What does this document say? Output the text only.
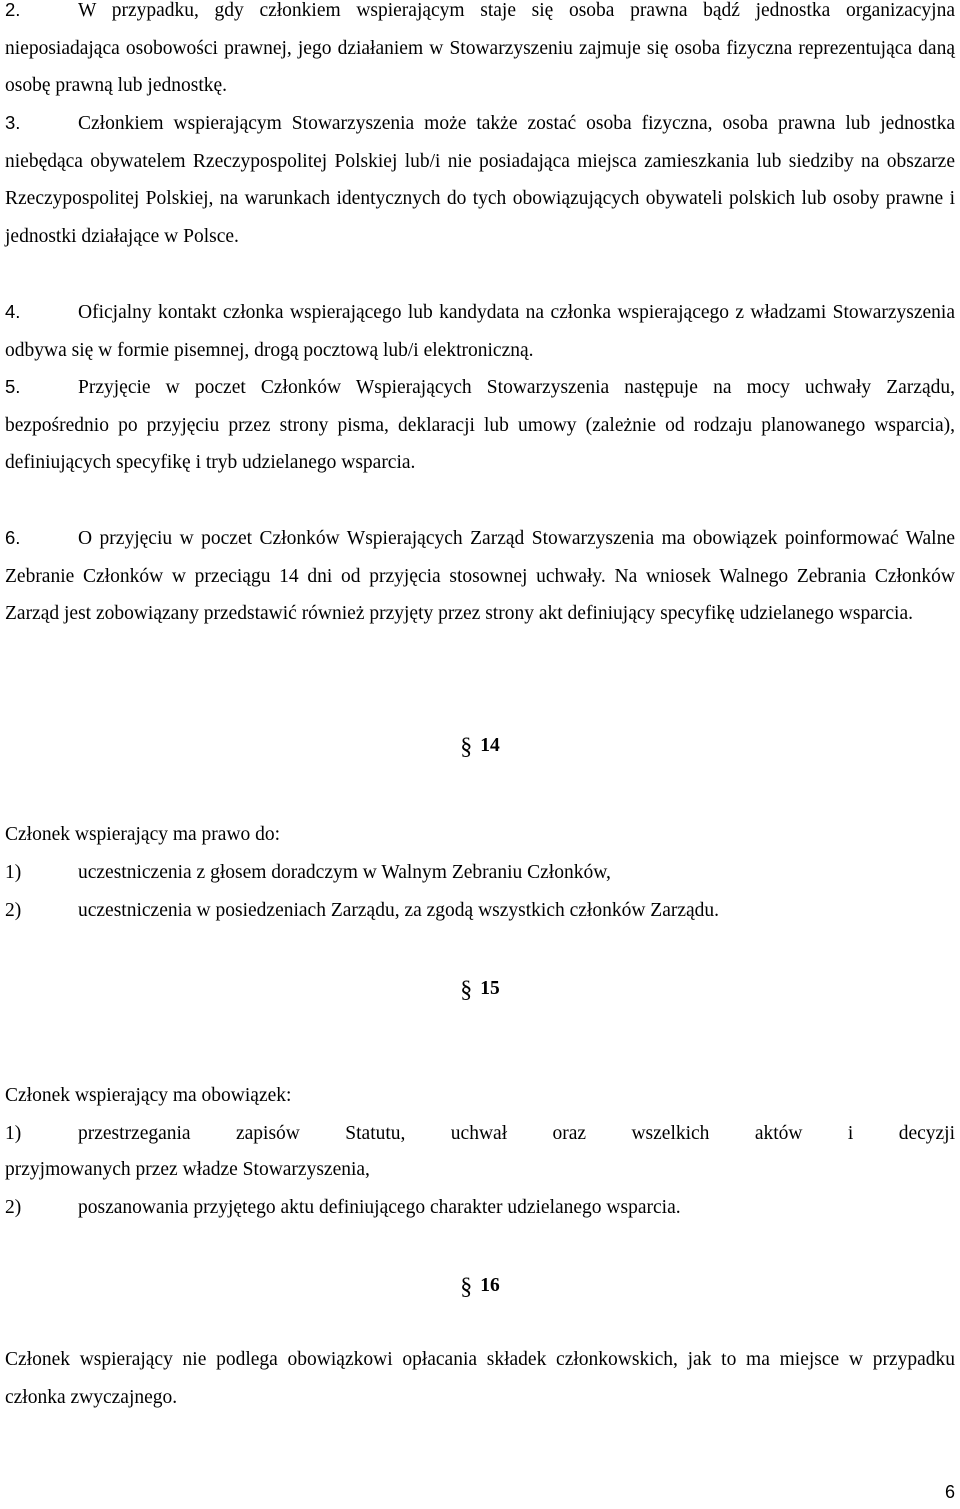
2.	W przypadku, gdy członkiem wspierającym staje się osoba prawna bądź jednostka organizacyjna nieposiadająca osobowości prawnej, jego działaniem w Stowarzyszeniu zajmuje się osoba fizyczna reprezentująca daną osobę prawną lub jednostkę.
3.	Członkiem wspierającym Stowarzyszenia może także zostać osoba fizyczna, osoba prawna lub jednostka niebędąca obywatelem Rzeczypospolitej Polskiej lub/i nie posiadająca miejsca zamieszkania lub siedziby na obszarze Rzeczypospolitej Polskiej, na warunkach identycznych do tych obowiązujących obywateli polskich lub osoby prawne i jednostki działające w Polsce.
4.	Oficjalny kontakt członka wspierającego lub kandydata na członka wspierającego z władzami Stowarzyszenia odbywa się w formie pisemnej, drogą pocztową lub/i elektroniczną.
5.	Przyjęcie w poczet Członków Wspierających Stowarzyszenia następuje na mocy uchwały Zarządu, bezpośrednio po przyjęciu przez strony pisma, deklaracji lub umowy (zależnie od rodzaju planowanego wsparcia), definiujących specyfikę i tryb udzielanego wsparcia.
6.	O przyjęciu w poczet Członków Wspierających Zarząd Stowarzyszenia ma obowiązek poinformować Walne Zebranie Członków w przeciągu 14 dni od przyjęcia stosownej uchwały. Na wniosek Walnego Zebrania Członków Zarząd jest zobowiązany przedstawić również przyjęty przez strony akt definiujący specyfikę udzielanego wsparcia.
§ 14
Członek wspierający ma prawo do:
1)	uczestniczenia z głosem doradczym w Walnym Zebraniu Członków,
2)	uczestniczenia w posiedzeniach Zarządu, za zgodą wszystkich członków Zarządu.
§ 15
Członek wspierający ma obowiązek:
1)	przestrzegania zapisów Statutu, uchwał oraz wszelkich aktów i decyzji
przyjmowanych przez władze Stowarzyszenia,
2)	poszanowania przyjętego aktu definiującego charakter udzielanego wsparcia.
§ 16
Członek wspierający nie podlega obowiązkowi opłacania składek członkowskich, jak to ma miejsce w przypadku członka zwyczajnego.
6
